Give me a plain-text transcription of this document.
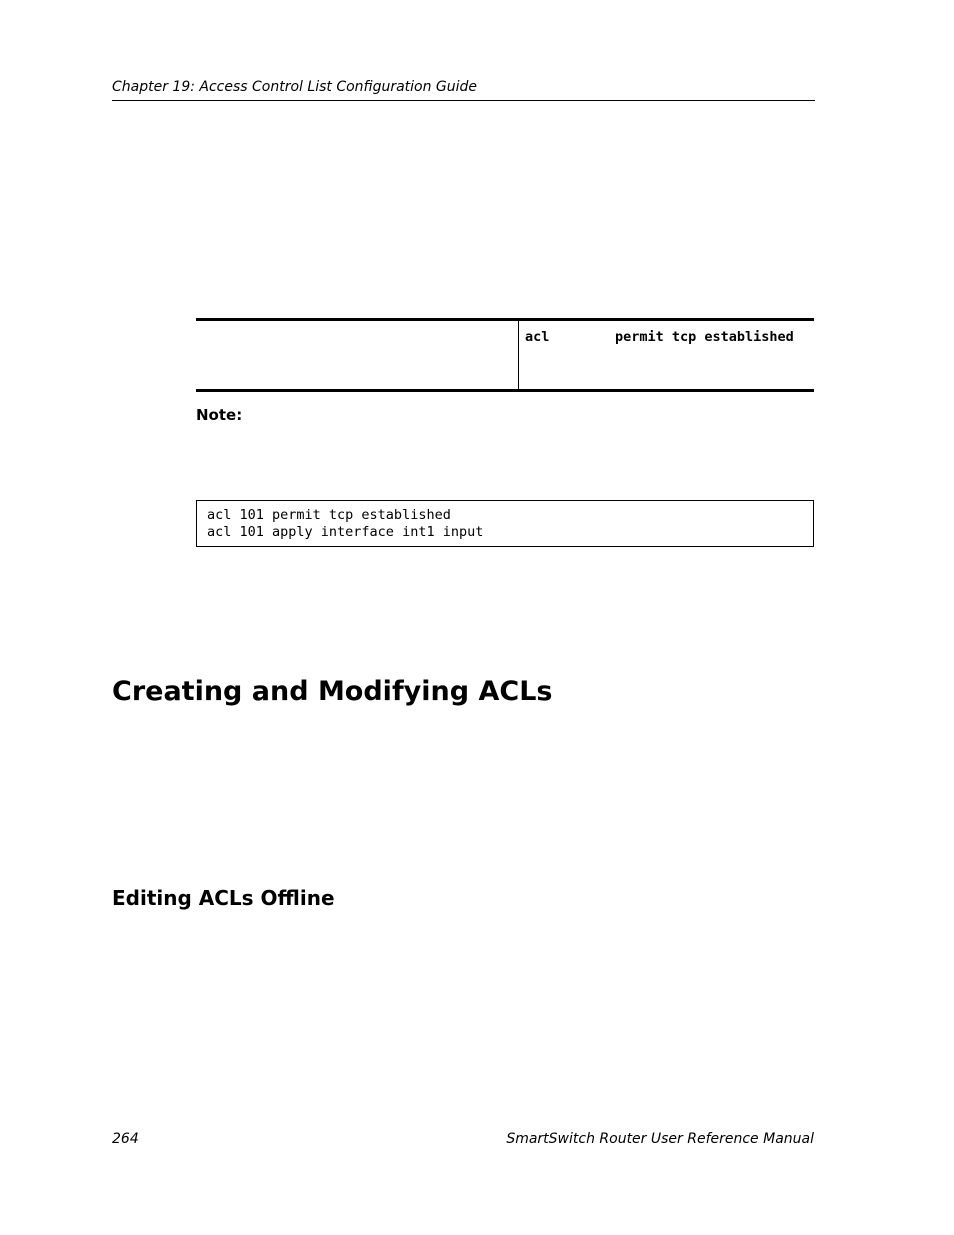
Chapter 19: Access Control List Configuration Guide
acl	permit tcp established
Note:
acl 101 permit tcp established
acl 101 apply interface int1 input
Creating and Modifying ACLs
Editing ACLs Offline
264	SmartSwitch Router User Reference Manual
